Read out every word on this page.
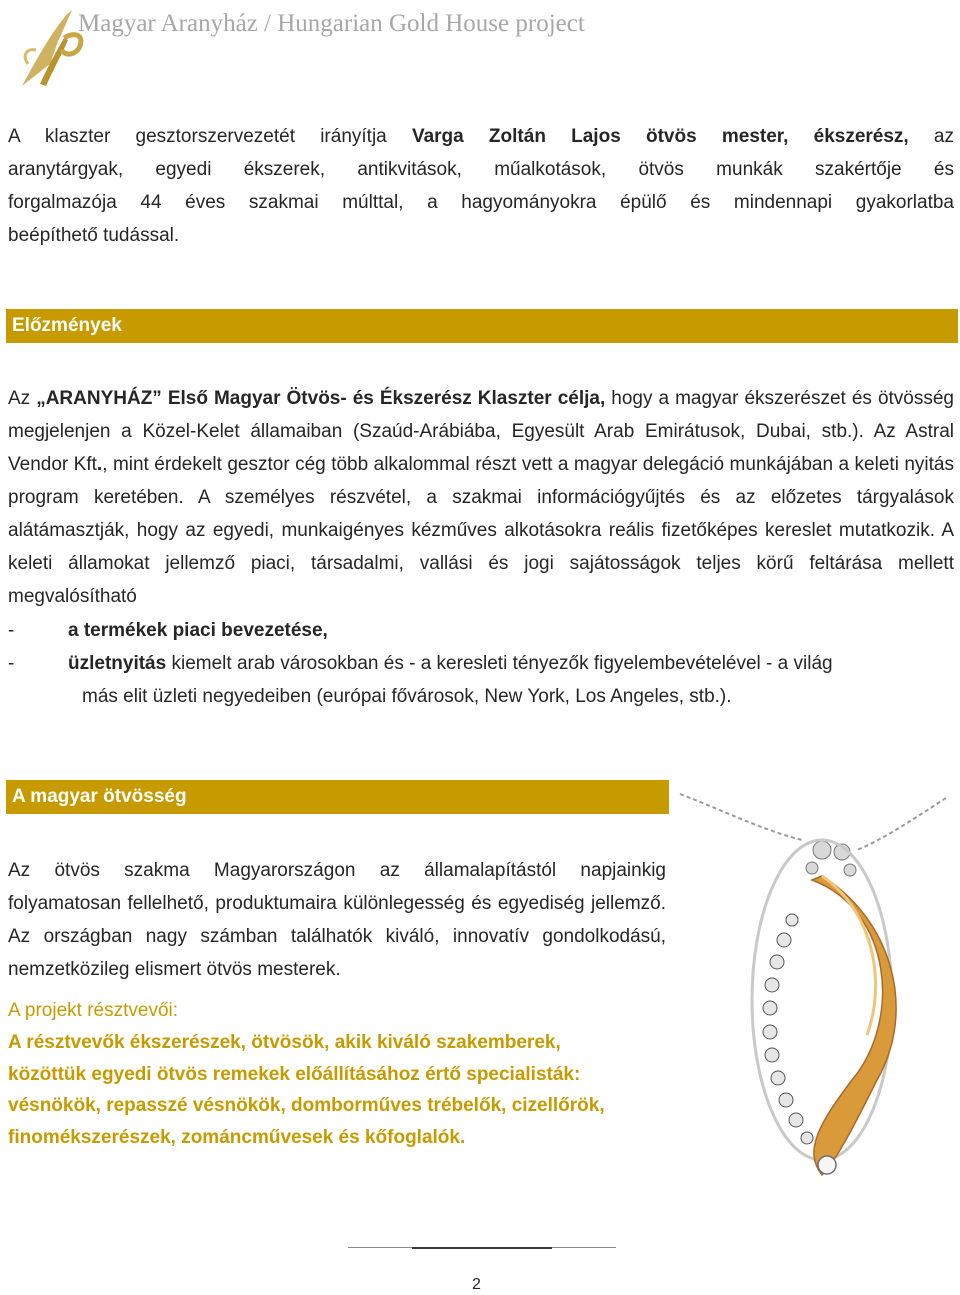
Magyar Aranyház / Hungarian Gold House project
A klaszter gesztorszervezetét irányítja Varga Zoltán Lajos ötvös mester, ékszerész, az
aranytárgyak, egyedi ékszerek, antikvitások, műalkotások, ötvös munkák szakértője és
forgalmazója 44 éves szakmai múlttal, a hagyományokra épülő és mindennapi gyakorlatba
beépíthető tudással.
Előzmények
Az „ARANYHÁZ” Első Magyar Ötvös- és Ékszerész Klaszter célja, hogy a magyar ékszerészet és ötvösség megjelenjen a Közel-Kelet államaiban (Szaúd-Arábiába, Egyesült Arab Emirátusok, Dubai, stb.). Az Astral Vendor Kft., mint érdekelt gesztor cég több alkalommal részt vett a magyar delegáció munkájában a keleti nyitás program keretében. A személyes részvétel, a szakmai információgyűjtés és az előzetes tárgyalások alátámasztják, hogy az egyedi, munkaigényes kézműves alkotásokra reális fizetőképes kereslet mutatkozik. A keleti államokat jellemző piaci, társadalmi, vallási és jogi sajátosságok teljes körű feltárása mellett megvalósítható
-	a termékek piaci bevezetése,
-	üzletnyitás kiemelt arab városokban és - a keresleti tényezők figyelembevételével - a világ
más elit üzleti negyedeiben (európai fővárosok, New York, Los Angeles, stb.).
A magyar ötvösség
Az ötvös szakma Magyarországon az államalapítástól napjainkig folyamatosan fellelhető, produktumaira különlegesség és egyediség jellemző. Az országban nagy számban találhatók kiváló, innovatív gondolkodású, nemzetközileg elismert ötvös mesterek.
A projekt résztvevői:
A résztvevők ékszerészek, ötvösök, akik kiváló szakemberek,
közöttük egyedi ötvös remekek előállításához értő specialisták:
vésnökök, repasszé vésnökök, domborműves trébelők, cizellőrök,
finomékszerészek, zománcművesek és kőfoglalók.
2
